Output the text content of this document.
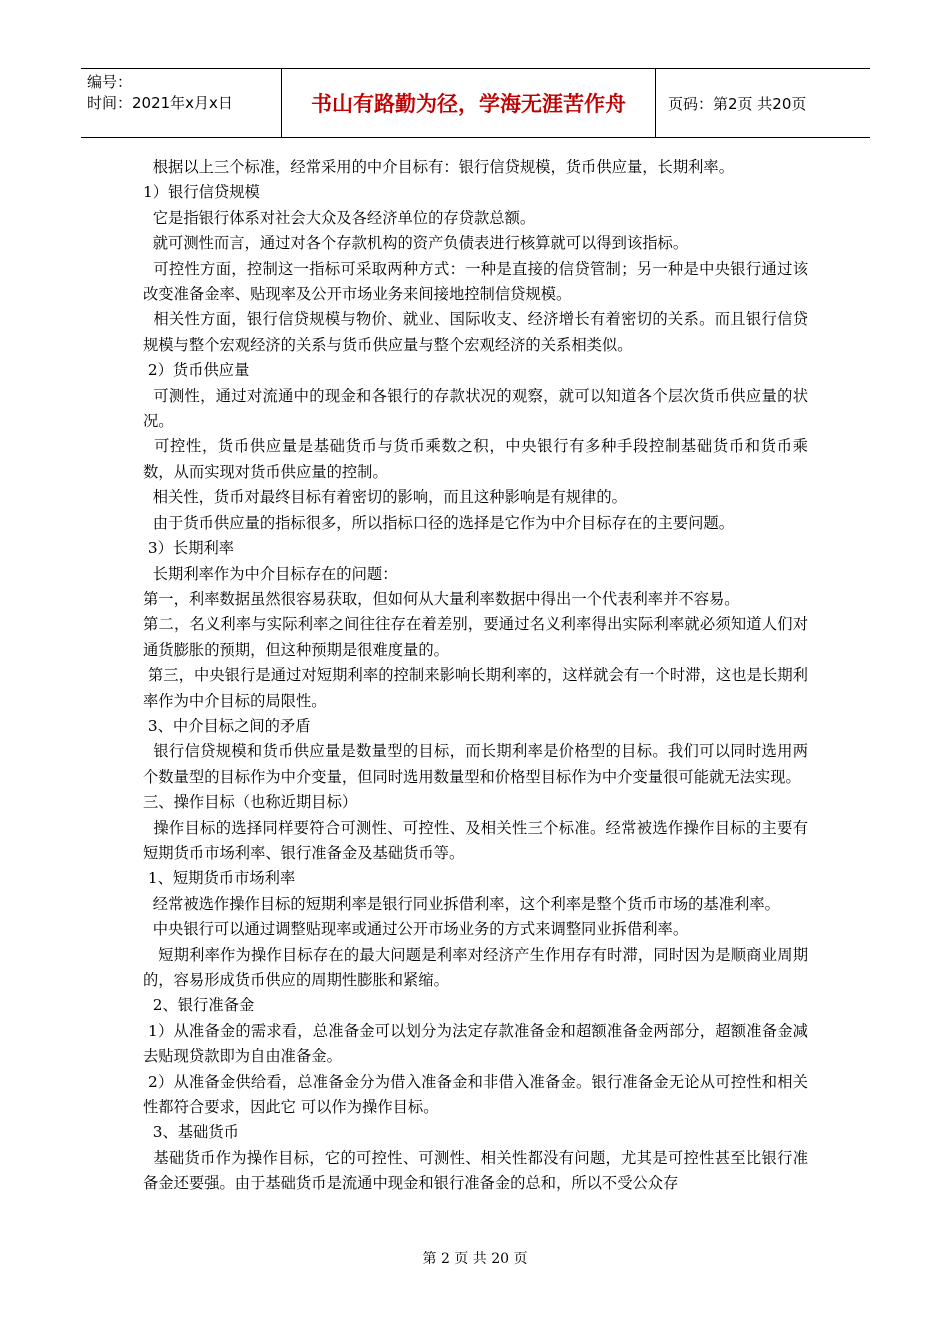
编号：
时间：2021年x月x日	书山有路勤为径，学海无涯苦作舟	页码：第2页 共20页

根据以上三个标准，经常采用的中介目标有：银行信贷规模，货币供应量，长期利率。

1）银行信贷规模

它是指银行体系对社会大众及各经济单位的存贷款总额。

就可测性而言，通过对各个存款机构的资产负债表进行核算就可以得到该指标。

可控性方面，控制这一指标可采取两种方式：一种是直接的信贷管制；另一种是中央银行通过该改变准备金率、贴现率及公开市场业务来间接地控制信贷规模。

相关性方面，银行信贷规模与物价、就业、国际收支、经济增长有着密切的关系。而且银行信贷规模与整个宏观经济的关系与货币供应量与整个宏观经济的关系相类似。

2）货币供应量

可测性，通过对流通中的现金和各银行的存款状况的观察，就可以知道各个层次货币供应量的状况。

可控性，货币供应量是基础货币与货币乘数之积，中央银行有多种手段控制基础货币和货币乘数，从而实现对货币供应量的控制。

相关性，货币对最终目标有着密切的影响，而且这种影响是有规律的。

由于货币供应量的指标很多，所以指标口径的选择是它作为中介目标存在的主要问题。

3）长期利率

长期利率作为中介目标存在的问题：

第一，利率数据虽然很容易获取，但如何从大量利率数据中得出一个代表利率并不容易。

第二，名义利率与实际利率之间往往存在着差别，要通过名义利率得出实际利率就必须知道人们对通货膨胀的预期，但这种预期是很难度量的。

第三，中央银行是通过对短期利率的控制来影响长期利率的，这样就会有一个时滞，这也是长期利率作为中介目标的局限性。

3、中介目标之间的矛盾

银行信贷规模和货币供应量是数量型的目标，而长期利率是价格型的目标。我们可以同时选用两个数量型的目标作为中介变量，但同时选用数量型和价格型目标作为中介变量很可能就无法实现。

三、操作目标（也称近期目标）

操作目标的选择同样要符合可测性、可控性、及相关性三个标准。经常被选作操作目标的主要有短期货币市场利率、银行准备金及基础货币等。

1、短期货币市场利率

经常被选作操作目标的短期利率是银行同业拆借利率，这个利率是整个货币市场的基准利率。

中央银行可以通过调整贴现率或通过公开市场业务的方式来调整同业拆借利率。

短期利率作为操作目标存在的最大问题是利率对经济产生作用存有时滞，同时因为是顺商业周期的，容易形成货币供应的周期性膨胀和紧缩。

2、银行准备金

1）从准备金的需求看，总准备金可以划分为法定存款准备金和超额准备金两部分，超额准备金减去贴现贷款即为自由准备金。

2）从准备金供给看，总准备金分为借入准备金和非借入准备金。银行准备金无论从可控性和相关性都符合要求，因此它 可以作为操作目标。

3、基础货币

基础货币作为操作目标，它的可控性、可测性、相关性都没有问题，尤其是可控性甚至比银行准备金还要强。由于基础货币是流通中现金和银行准备金的总和，所以不受公众存

第 2 页 共 20 页
